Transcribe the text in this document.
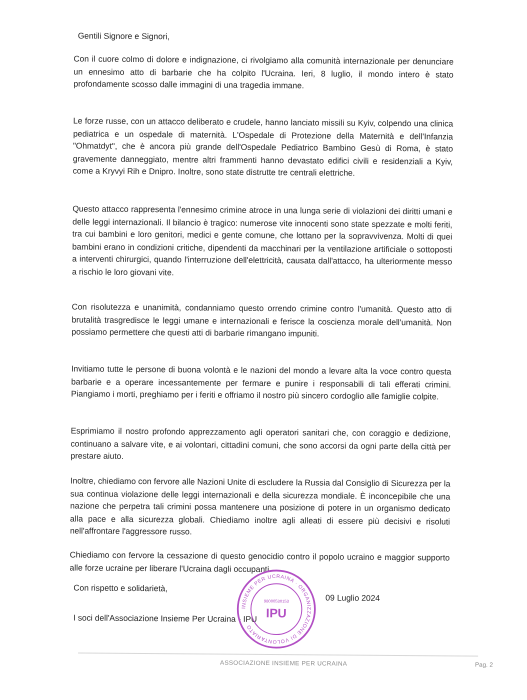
Gentili Signore e Signori,

Con il cuore colmo di dolore e indignazione, ci rivolgiamo alla comunità internazionale per denunciare un ennesimo atto di barbarie che ha colpito l'Ucraina. Ieri, 8 luglio, il mondo intero è stato profondamente scosso dalle immagini di una tragedia immane.

Le forze russe, con un attacco deliberato e crudele, hanno lanciato missili su Kyiv, colpendo una clinica pediatrica e un ospedale di maternità. L'Ospedale di Protezione della Maternità e dell'Infanzia "Ohmatdyt", che è ancora più grande dell'Ospedale Pediatrico Bambino Gesù di Roma, è stato gravemente danneggiato, mentre altri frammenti hanno devastato edifici civili e residenziali a Kyiv, come a Kryvyi Rih e Dnipro. Inoltre, sono state distrutte tre centrali elettriche.

Questo attacco rappresenta l'ennesimo crimine atroce in una lunga serie di violazioni dei diritti umani e delle leggi internazionali. Il bilancio è tragico: numerose vite innocenti sono state spezzate e molti feriti, tra cui bambini e loro genitori, medici e gente comune, che lottano per la sopravvivenza. Molti di quei bambini erano in condizioni critiche, dipendenti da macchinari per la ventilazione artificiale o sottoposti a interventi chirurgici, quando l'interruzione dell'elettricità, causata dall'attacco, ha ulteriormente messo a rischio le loro giovani vite.

Con risolutezza e unanimità, condanniamo questo orrendo crimine contro l'umanità. Questo atto di brutalità trasgredisce le leggi umane e internazionali e ferisce la coscienza morale dell'umanità. Non possiamo permettere che questi atti di barbarie rimangano impuniti.

Invitiamo tutte le persone di buona volontà e le nazioni del mondo a levare alta la voce contro questa barbarie e a operare incessantemente per fermare e punire i responsabili di tali efferati crimini. Piangiamo i morti, preghiamo per i feriti e offriamo il nostro più sincero cordoglio alle famiglie colpite.

Esprimiamo il nostro profondo apprezzamento agli operatori sanitari che, con coraggio e dedizione, continuano a salvare vite, e ai volontari, cittadini comuni, che sono accorsi da ogni parte della città per prestare aiuto.

Inoltre, chiediamo con fervore alle Nazioni Unite di escludere la Russia dal Consiglio di Sicurezza per la sua continua violazione delle leggi internazionali e della sicurezza mondiale. È inconcepibile che una nazione che perpetra tali crimini possa mantenere una posizione di potere in un organismo dedicato alla pace e alla sicurezza globali. Chiediamo inoltre agli alleati di essere più decisivi e risoluti nell'affrontare l'aggressore russo.

Chiediamo con fervore la cessazione di questo genocidio contro il popolo ucraino e maggior supporto alle forze ucraine per liberare l'Ucraina dagli occupanti.

Con rispetto e solidarietà,

I soci dell'Associazione Insieme Per Ucraina - IPU

09 Luglio 2024

INSIEME PER UCRAINA · ORGANIZZAZIONE DI VOLONTARIATO
98000530153
IPU

ASSOCIAZIONE INSIEME PER UCRAINA	Pag. 2
